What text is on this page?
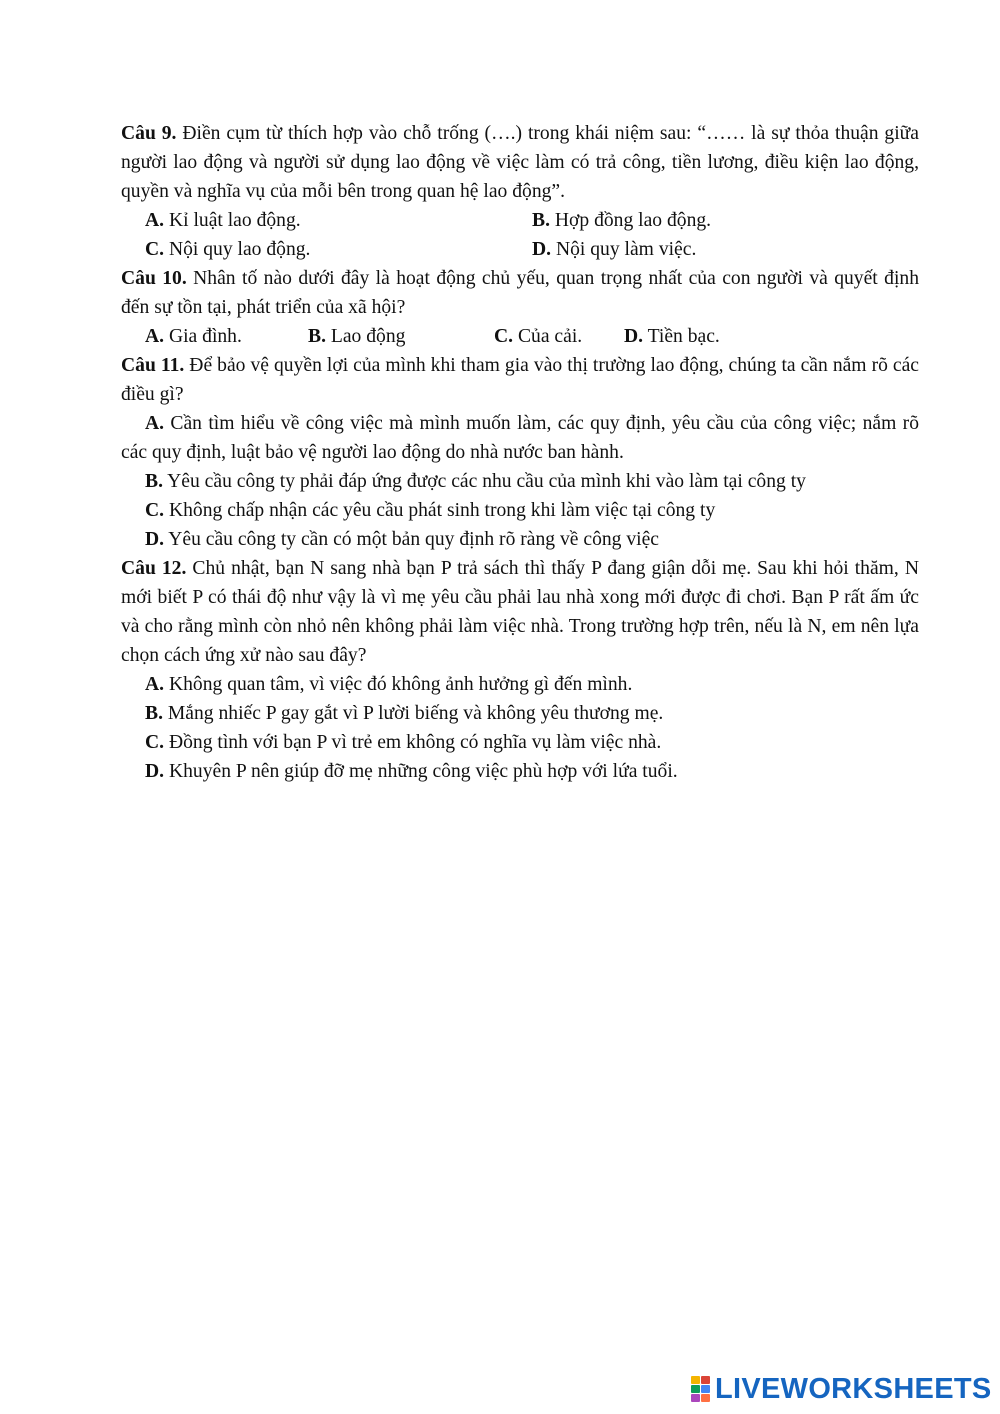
Câu 9. Điền cụm từ thích hợp vào chỗ trống (….) trong khái niệm sau: “…… là sự thỏa thuận giữa người lao động và người sử dụng lao động về việc làm có trả công, tiền lương, điều kiện lao động, quyền và nghĩa vụ của mỗi bên trong quan hệ lao động”.

A. Kỉ luật lao động.	B. Hợp đồng lao động.
C. Nội quy lao động.	D. Nội quy làm việc.

Câu 10. Nhân tố nào dưới đây là hoạt động chủ yếu, quan trọng nhất của con người và quyết định đến sự tồn tại, phát triển của xã hội?

A. Gia đình.	B. Lao động	C. Của cải.	D. Tiền bạc.

Câu 11. Để bảo vệ quyền lợi của mình khi tham gia vào thị trường lao động, chúng ta cần nắm rõ các điều gì?

A. Cần tìm hiểu về công việc mà mình muốn làm, các quy định, yêu cầu của công việc; nắm rõ các quy định, luật bảo vệ người lao động do nhà nước ban hành.

B. Yêu cầu công ty phải đáp ứng được các nhu cầu của mình khi vào làm tại công ty

C. Không chấp nhận các yêu cầu phát sinh trong khi làm việc tại công ty

D. Yêu cầu công ty cần có một bản quy định rõ ràng về công việc

Câu 12. Chủ nhật, bạn N sang nhà bạn P trả sách thì thấy P đang giận dỗi mẹ. Sau khi hỏi thăm, N mới biết P có thái độ như vậy là vì mẹ yêu cầu phải lau nhà xong mới được đi chơi. Bạn P rất ấm ức và cho rằng mình còn nhỏ nên không phải làm việc nhà. Trong trường hợp trên, nếu là N, em nên lựa chọn cách ứng xử nào sau đây?

A. Không quan tâm, vì việc đó không ảnh hưởng gì đến mình.

B. Mắng nhiếc P gay gắt vì P lười biếng và không yêu thương mẹ.

C. Đồng tình với bạn P vì trẻ em không có nghĩa vụ làm việc nhà.

D. Khuyên P nên giúp đỡ mẹ những công việc phù hợp với lứa tuổi.

LIVEWORKSHEETS
